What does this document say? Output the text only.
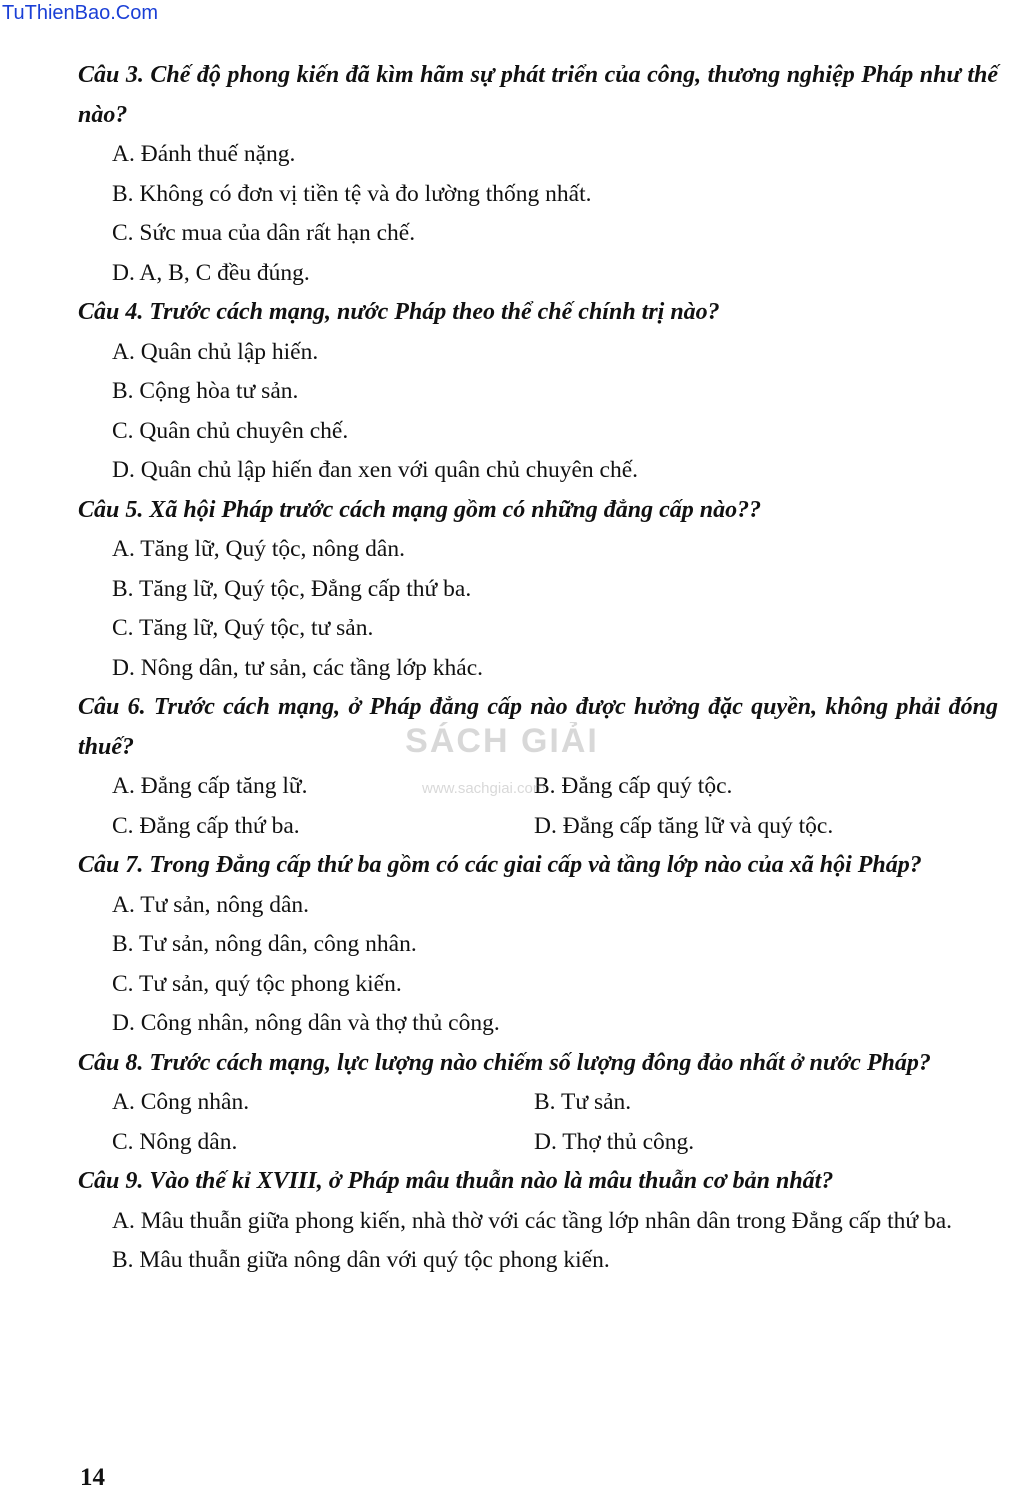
TuThienBao.Com
Câu 3. Chế độ phong kiến đã kìm hãm sự phát triển của công, thương nghiệp Pháp như thế nào?
A. Đánh thuế nặng.
B. Không có đơn vị tiền tệ và đo lường thống nhất.
C. Sức mua của dân rất hạn chế.
D. A, B, C đều đúng.
Câu 4. Trước cách mạng, nước Pháp theo thể chế chính trị nào?
A. Quân chủ lập hiến.
B. Cộng hòa tư sản.
C. Quân chủ chuyên chế.
D. Quân chủ lập hiến đan xen với quân chủ chuyên chế.
Câu 5. Xã hội Pháp trước cách mạng gồm có những đẳng cấp nào??
A. Tăng lữ, Quý tộc, nông dân.
B. Tăng lữ, Quý tộc, Đẳng cấp thứ ba.
C. Tăng lữ, Quý tộc, tư sản.
D. Nông dân, tư sản, các tầng lớp khác.
Câu 6. Trước cách mạng, ở Pháp đẳng cấp nào được hưởng đặc quyền, không phải đóng thuế?
A. Đẳng cấp tăng lữ.	B. Đẳng cấp quý tộc.
C. Đẳng cấp thứ ba.	D. Đẳng cấp tăng lữ và quý tộc.
Câu 7. Trong Đẳng cấp thứ ba gồm có các giai cấp và tầng lớp nào của xã hội Pháp?
A. Tư sản, nông dân.
B. Tư sản, nông dân, công nhân.
C. Tư sản, quý tộc phong kiến.
D. Công nhân, nông dân và thợ thủ công.
Câu 8. Trước cách mạng, lực lượng nào chiếm số lượng đông đảo nhất ở nước Pháp?
A. Công nhân.	B. Tư sản.
C. Nông dân.	D. Thợ thủ công.
Câu 9. Vào thế kỉ XVIII, ở Pháp mâu thuẫn nào là mâu thuẫn cơ bản nhất?
A. Mâu thuẫn giữa phong kiến, nhà thờ với các tầng lớp nhân dân trong Đẳng cấp thứ ba.
B. Mâu thuẫn giữa nông dân với quý tộc phong kiến.
SÁCH GIẢI
www.sachgiai.com
14
